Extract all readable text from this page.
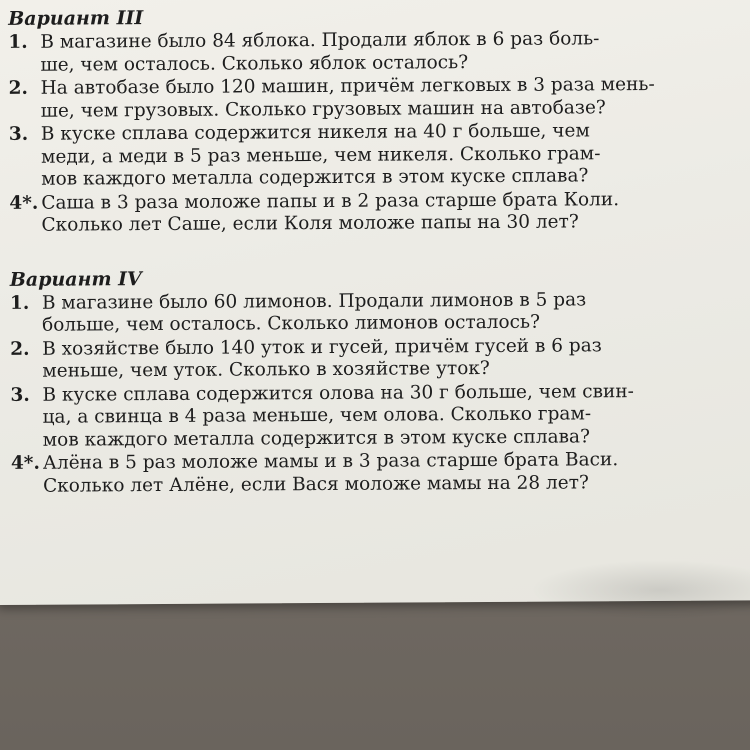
Вариант III
1. В магазине было 84 яблока. Продали яблок в 6 раз боль-
ше, чем осталось. Сколько яблок осталось?
2. На автобазе было 120 машин, причём легковых в 3 раза мень-
ше, чем грузовых. Сколько грузовых машин на автобазе?
3. В куске сплава содержится никеля на 40 г больше, чем
меди, а меди в 5 раз меньше, чем никеля. Сколько грам-
мов каждого металла содержится в этом куске сплава?
4*. Саша в 3 раза моложе папы и в 2 раза старше брата Коли.
Сколько лет Саше, если Коля моложе папы на 30 лет?
Вариант IV
1. В магазине было 60 лимонов. Продали лимонов в 5 раз
больше, чем осталось. Сколько лимонов осталось?
2. В хозяйстве было 140 уток и гусей, причём гусей в 6 раз
меньше, чем уток. Сколько в хозяйстве уток?
3. В куске сплава содержится олова на 30 г больше, чем свин-
ца, а свинца в 4 раза меньше, чем олова. Сколько грам-
мов каждого металла содержится в этом куске сплава?
4*. Алёна в 5 раз моложе мамы и в 3 раза старше брата Васи.
Сколько лет Алёне, если Вася моложе мамы на 28 лет?
